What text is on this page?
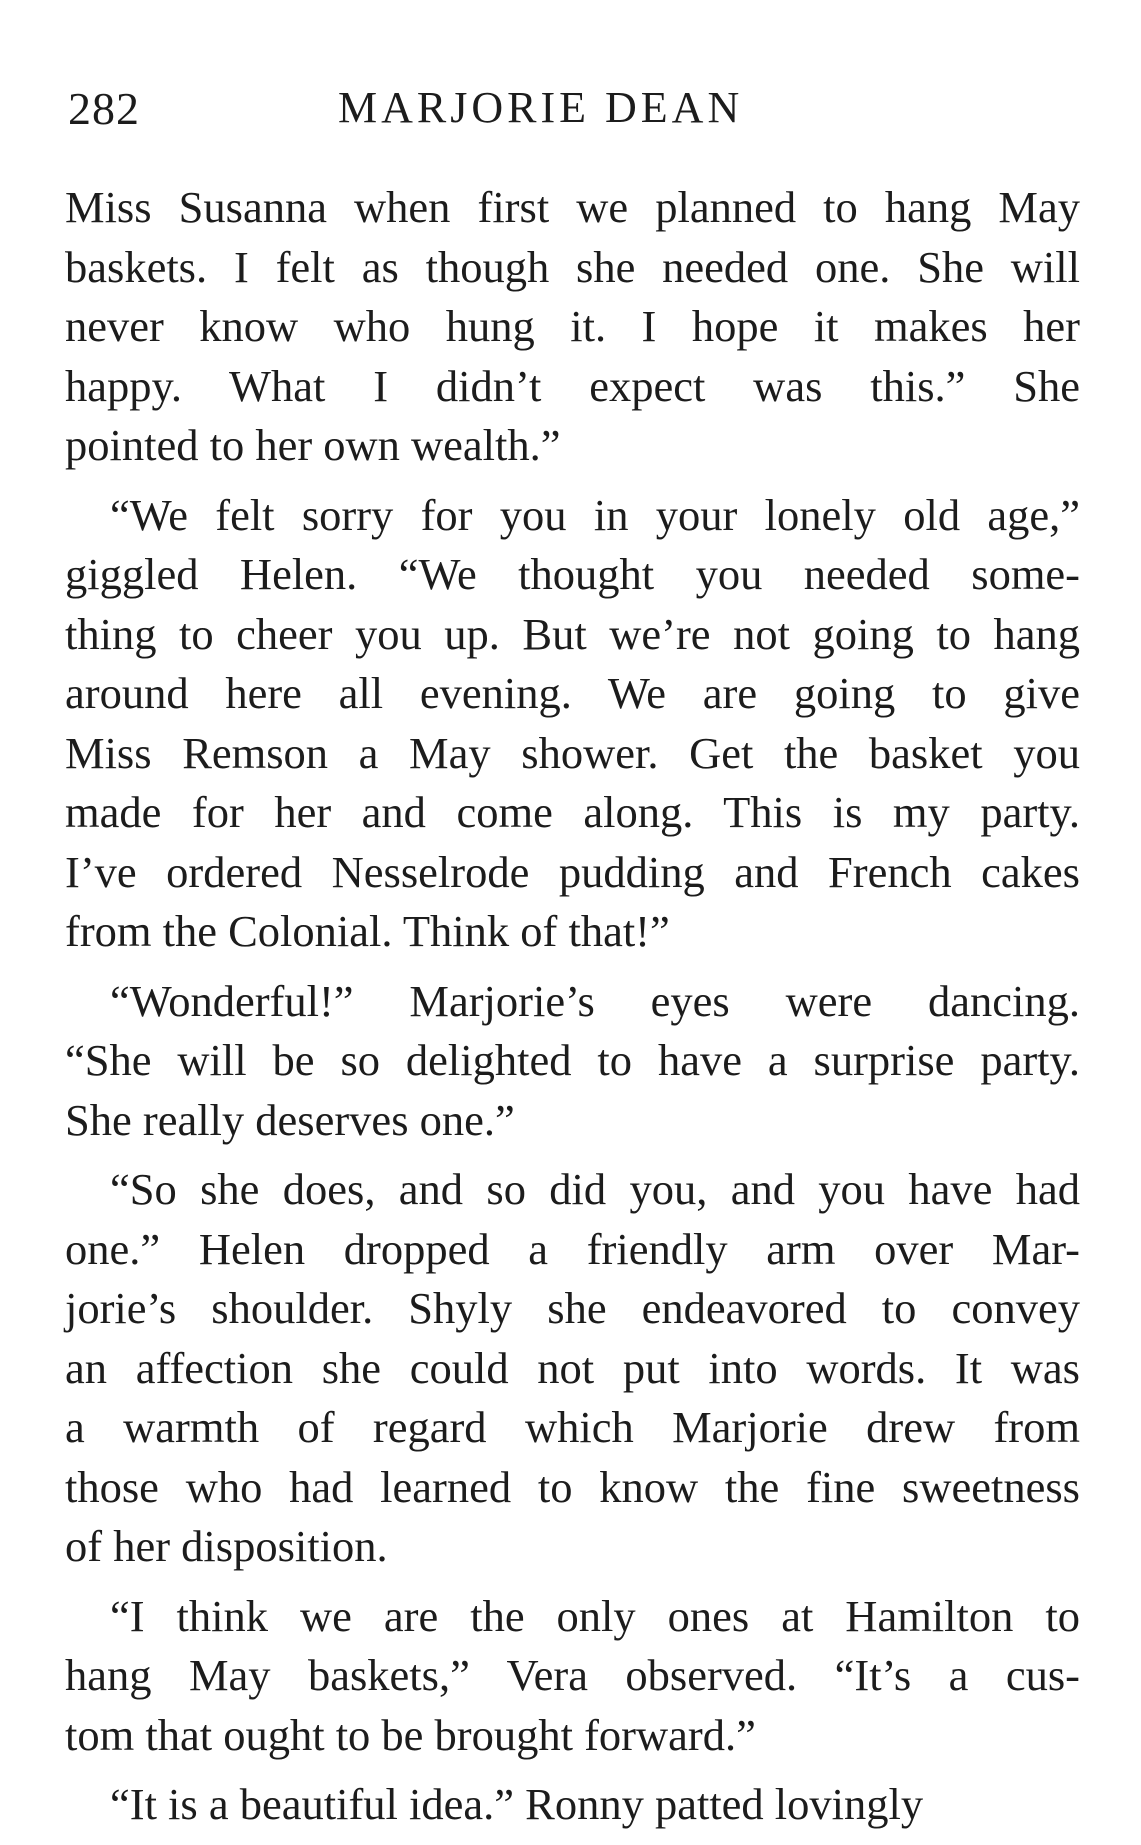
282	MARJORIE DEAN

Miss Susanna when first we planned to hang May
baskets. I felt as though she needed one. She will
never know who hung it. I hope it makes her
happy. What I didn’t expect was this.” She
pointed to her own wealth.”

“We felt sorry for you in your lonely old age,”
giggled Helen. “We thought you needed some-
thing to cheer you up. But we’re not going to hang
around here all evening. We are going to give
Miss Remson a May shower. Get the basket you
made for her and come along. This is my party.
I’ve ordered Nesselrode pudding and French cakes
from the Colonial. Think of that!”

“Wonderful!” Marjorie’s eyes were dancing.
“She will be so delighted to have a surprise party.
She really deserves one.”

“So she does, and so did you, and you have had
one.” Helen dropped a friendly arm over Mar-
jorie’s shoulder. Shyly she endeavored to convey
an affection she could not put into words. It was
a warmth of regard which Marjorie drew from
those who had learned to know the fine sweetness
of her disposition.

“I think we are the only ones at Hamilton to
hang May baskets,” Vera observed. “It’s a cus-
tom that ought to be brought forward.”

“It is a beautiful idea.” Ronny patted lovingly
